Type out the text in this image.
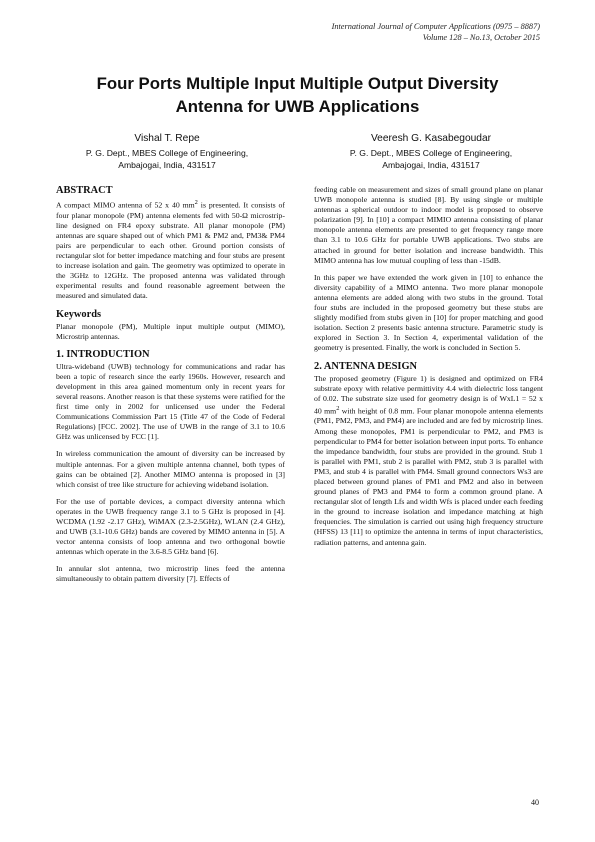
International Journal of Computer Applications (0975 – 8887)
Volume 128 – No.13, October 2015
Four Ports Multiple Input Multiple Output Diversity
Antenna for UWB Applications
Vishal T. Repe
P. G. Dept., MBES College of Engineering,
Ambajogai, India, 431517
Veeresh G. Kasabegoudar
P. G. Dept., MBES College of Engineering,
Ambajogai, India, 431517
ABSTRACT

A compact MIMO antenna of 52 x 40 $mm^2$ is presented. It consists of four planar monopole (PM) antenna elements fed with 50-Ω microstrip-line designed on FR4 epoxy substrate. All planar monopole (PM) antennas are square shaped out of which PM1 & PM2 and, PM3& PM4 pairs are perpendicular to each other. Ground portion consists of rectangular slot for better impedance matching and four stubs are present to increase isolation and gain. The geometry was optimized to operate in the 3GHz to 12GHz. The proposed antenna was validated through experimental results and found reasonable agreement between the measured and simulated data.

Keywords

Planar monopole (PM), Multiple input multiple output (MIMO), Microstrip antennas.

1. INTRODUCTION

Ultra-wideband (UWB) technology for communications and radar has been a topic of research since the early 1960s. However, research and development in this area gained momentum only in recent years for several reasons. Another reason is that these systems were ratified for the first time only in 2002 for unlicensed use under the Federal Communications Commission Part 15 (Title 47 of the Code of Federal Regulations) [FCC. 2002]. The use of UWB in the range of 3.1 to 10.6 GHz was unlicensed by FCC [1].

In wireless communication the amount of diversity can be increased by multiple antennas. For a given multiple antenna channel, both types of gains can be obtained [2]. Another MIMO antenna is proposed in [3] which consist of tree like structure for achieving wideband isolation.

For the use of portable devices, a compact diversity antenna which operates in the UWB frequency range 3.1 to 5 GHz is proposed in [4]. WCDMA (1.92 -2.17 GHz), WiMAX (2.3-2.5GHz), WLAN (2.4 GHz), and UWB (3.1-10.6 GHz) bands are covered by MIMO antenna in [5]. A vector antenna consists of loop antenna and two orthogonal bowtie antennas which operate in the 3.6-8.5 GHz band [6].

In annular slot antenna, two microstrip lines feed the antenna simultaneously to obtain pattern diversity [7]. Effects of

feeding cable on measurement and sizes of small ground plane on planar UWB monopole antenna is studied [8]. By using single or multiple antennas a spherical outdoor to indoor model is proposed to observe polarization [9]. In [10] a compact MIMIO antenna consisting of planar monopole antenna elements are presented to get frequency range more than 3.1 to 10.6 GHz for portable UWB applications. Two stubs are attached in ground for better isolation and increase bandwidth. This MIMO antenna has low mutual coupling of less than -15dB.

In this paper we have extended the work given in [10] to enhance the diversity capability of a MIMO antenna. Two more planar monopole antenna elements are added along with two stubs in the ground. Total four stubs are included in the proposed geometry but these stubs are slightly modified from stubs given in [10] for proper matching and good isolation. Section 2 presents basic antenna structure. Parametric study is explored in Section 3. In Section 4, experimental validation of the geometry is presented. Finally, the work is concluded in Section 5.

2. ANTENNA DESIGN

The proposed geometry (Figure 1) is designed and optimized on FR4 substrate epoxy with relative permittivity 4.4 with dielectric loss tangent of 0.02. The substrate size used for geometry design is of WxL1 = 52 x 40 $mm^2$ with height of 0.8 mm. Four planar monopole antenna elements (PM1, PM2, PM3, and PM4) are included and are fed by microstrip lines. Among these monopoles, PM1 is perpendicular to PM2, and PM3 is perpendicular to PM4 for better isolation between input ports. To enhance the impedance bandwidth, four stubs are provided in the ground. Stub 1 is parallel with PM1, stub 2 is parallel with PM2, stub 3 is parallel with PM3, and stub 4 is parallel with PM4. Small ground connectors Ws3 are placed between ground planes of PM1 and PM2 and also in between ground planes of PM3 and PM4 to form a common ground plane. A rectangular slot of length Lfs and width Wfs is placed under each feeding in the ground to increase isolation and impedance matching at high frequencies. The simulation is carried out using high frequency structure (HFSS) 13 [11] to optimize the antenna in terms of input characteristics, radiation patterns, and antenna gain.

40
